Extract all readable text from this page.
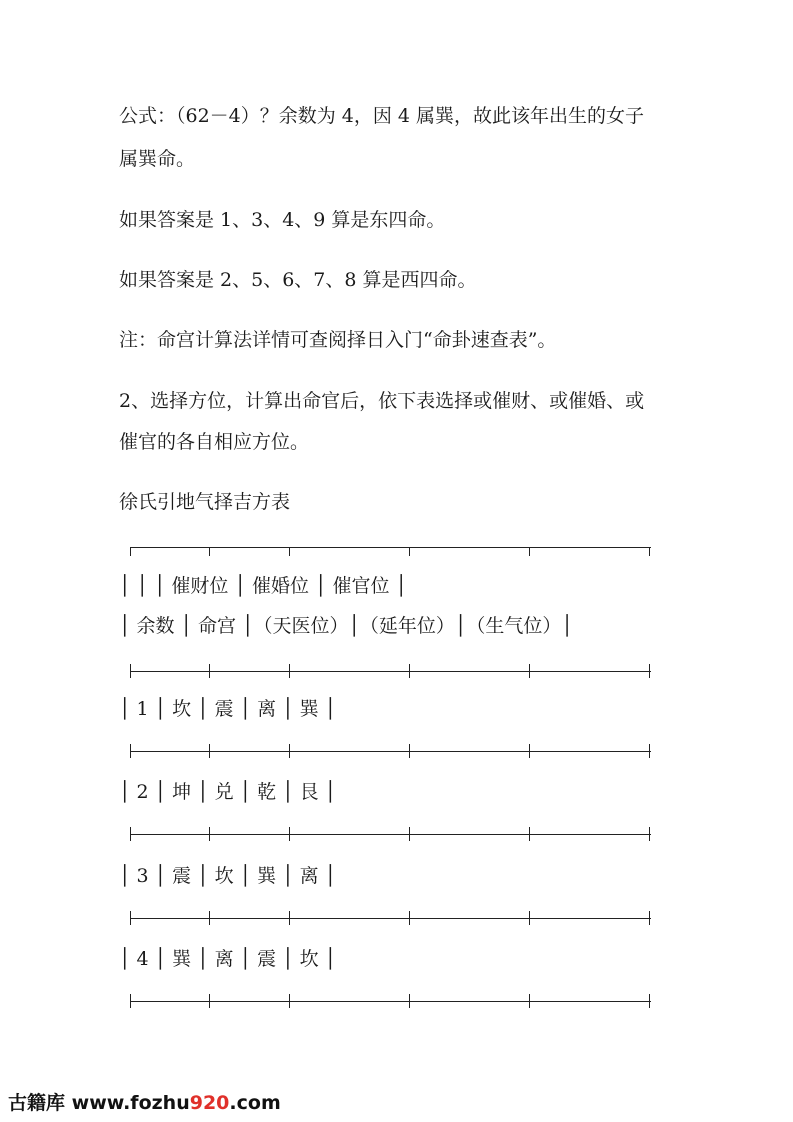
公式：（62－4）？余数为 4，因 4 属巽，故此该年出生的女子

属巽命。

如果答案是 1、3、4、9 算是东四命。

如果答案是 2、5、6、7、8 算是西四命。

注：命宫计算法详情可查阅择日入门“命卦速查表”。

2、选择方位，计算出命官后，依下表选择或催财、或催婚、或

催官的各自相应方位。

徐氏引地气择吉方表

│ │ │ 催财位 │ 催婚位 │ 催官位 │
│ 余数 │ 命宫 │（天医位）│（延年位）│（生气位）│
│ 1 │ 坎 │ 震 │ 离 │ 巽 │
│ 2 │ 坤 │ 兑 │ 乾 │ 艮 │
│ 3 │ 震 │ 坎 │ 巽 │ 离 │
│ 4 │ 巽 │ 离 │ 震 │ 坎 │
古籍库 www.fozhu920.com
